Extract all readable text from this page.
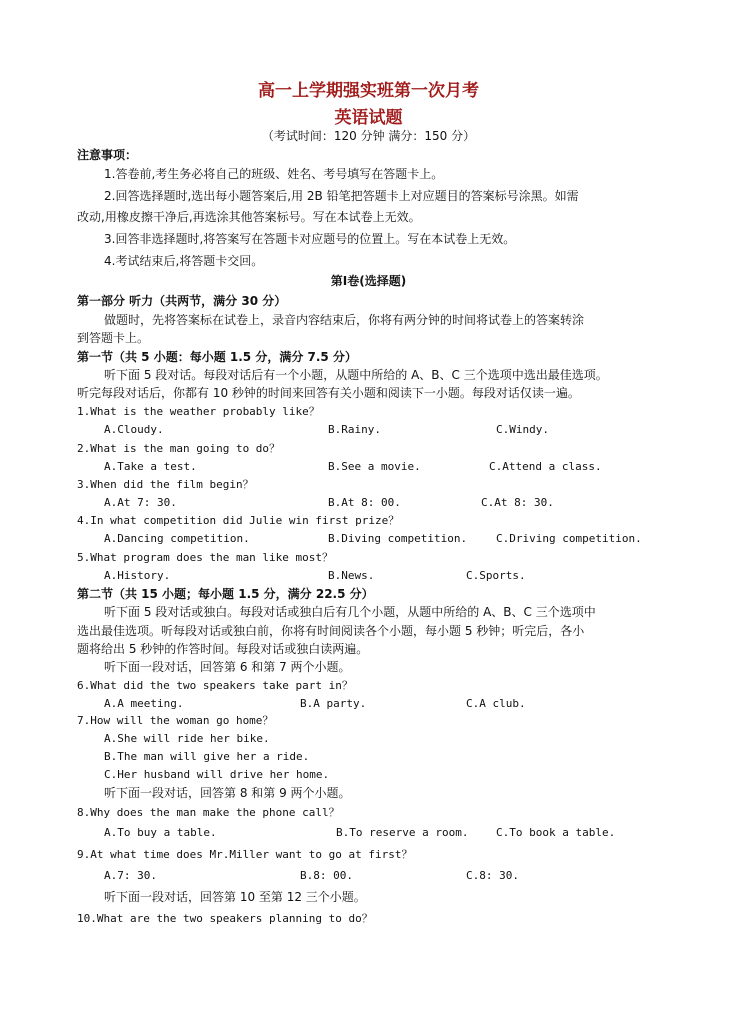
高一上学期强实班第一次月考
英语试题
（考试时间：120 分钟 满分：150 分）
注意事项：
1.答卷前,考生务必将自己的班级、姓名、考号填写在答题卡上。
2.回答选择题时,选出每小题答案后,用 2B 铅笔把答题卡上对应题目的答案标号涂黑。如需
改动,用橡皮擦干净后,再选涂其他答案标号。写在本试卷上无效。
3.回答非选择题时,将答案写在答题卡对应题号的位置上。写在本试卷上无效。
4.考试结束后,将答题卡交回。
第Ⅰ卷(选择题)
第一部分 听力（共两节，满分 30 分）
做题时，先将答案标在试卷上，录音内容结束后，你将有两分钟的时间将试卷上的答案转涂
到答题卡上。
第一节（共 5 小题：每小题 1.5 分，满分 7.5 分）
听下面 5 段对话。每段对话后有一个小题，从题中所给的 A、B、C 三个选项中选出最佳选项。
听完每段对话后，你都有 10 秒钟的时间来回答有关小题和阅读下一小题。每段对话仅读一遍。
1.What is the weather probably like？
A.Cloudy.	B.Rainy.	C.Windy.
2.What is the man going to do？
A.Take a test.	B.See a movie.	C.Attend a class.
3.When did the film begin？
A.At 7: 30.	B.At 8: 00.	C.At 8: 30.
4.In what competition did Julie win first prize？
A.Dancing competition.	B.Diving competition.	C.Driving competition.
5.What program does the man like most？
A.History.	B.News.	C.Sports.
第二节（共 15 小题；每小题 1.5 分，满分 22.5 分）
听下面 5 段对话或独白。每段对话或独白后有几个小题，从题中所给的 A、B、C 三个选项中
选出最佳选项。听每段对话或独白前，你将有时间阅读各个小题，每小题 5 秒钟；听完后，各小
题将给出 5 秒钟的作答时间。每段对话或独白读两遍。
听下面一段对话，回答第 6 和第 7 两个小题。
6.What did the two speakers take part in？
A.A meeting.	B.A party.	C.A club.
7.How will the woman go home？
A.She will ride her bike.
B.The man will give her a ride.
C.Her husband will drive her home.
听下面一段对话，回答第 8 和第 9 两个小题。
8.Why does the man make the phone call？
A.To buy a table.	B.To reserve a room.	C.To book a table.
9.At what time does Mr.Miller want to go at first？
A.7: 30.	B.8: 00.	C.8: 30.
听下面一段对话，回答第 10 至第 12 三个小题。
10.What are the two speakers planning to do？
